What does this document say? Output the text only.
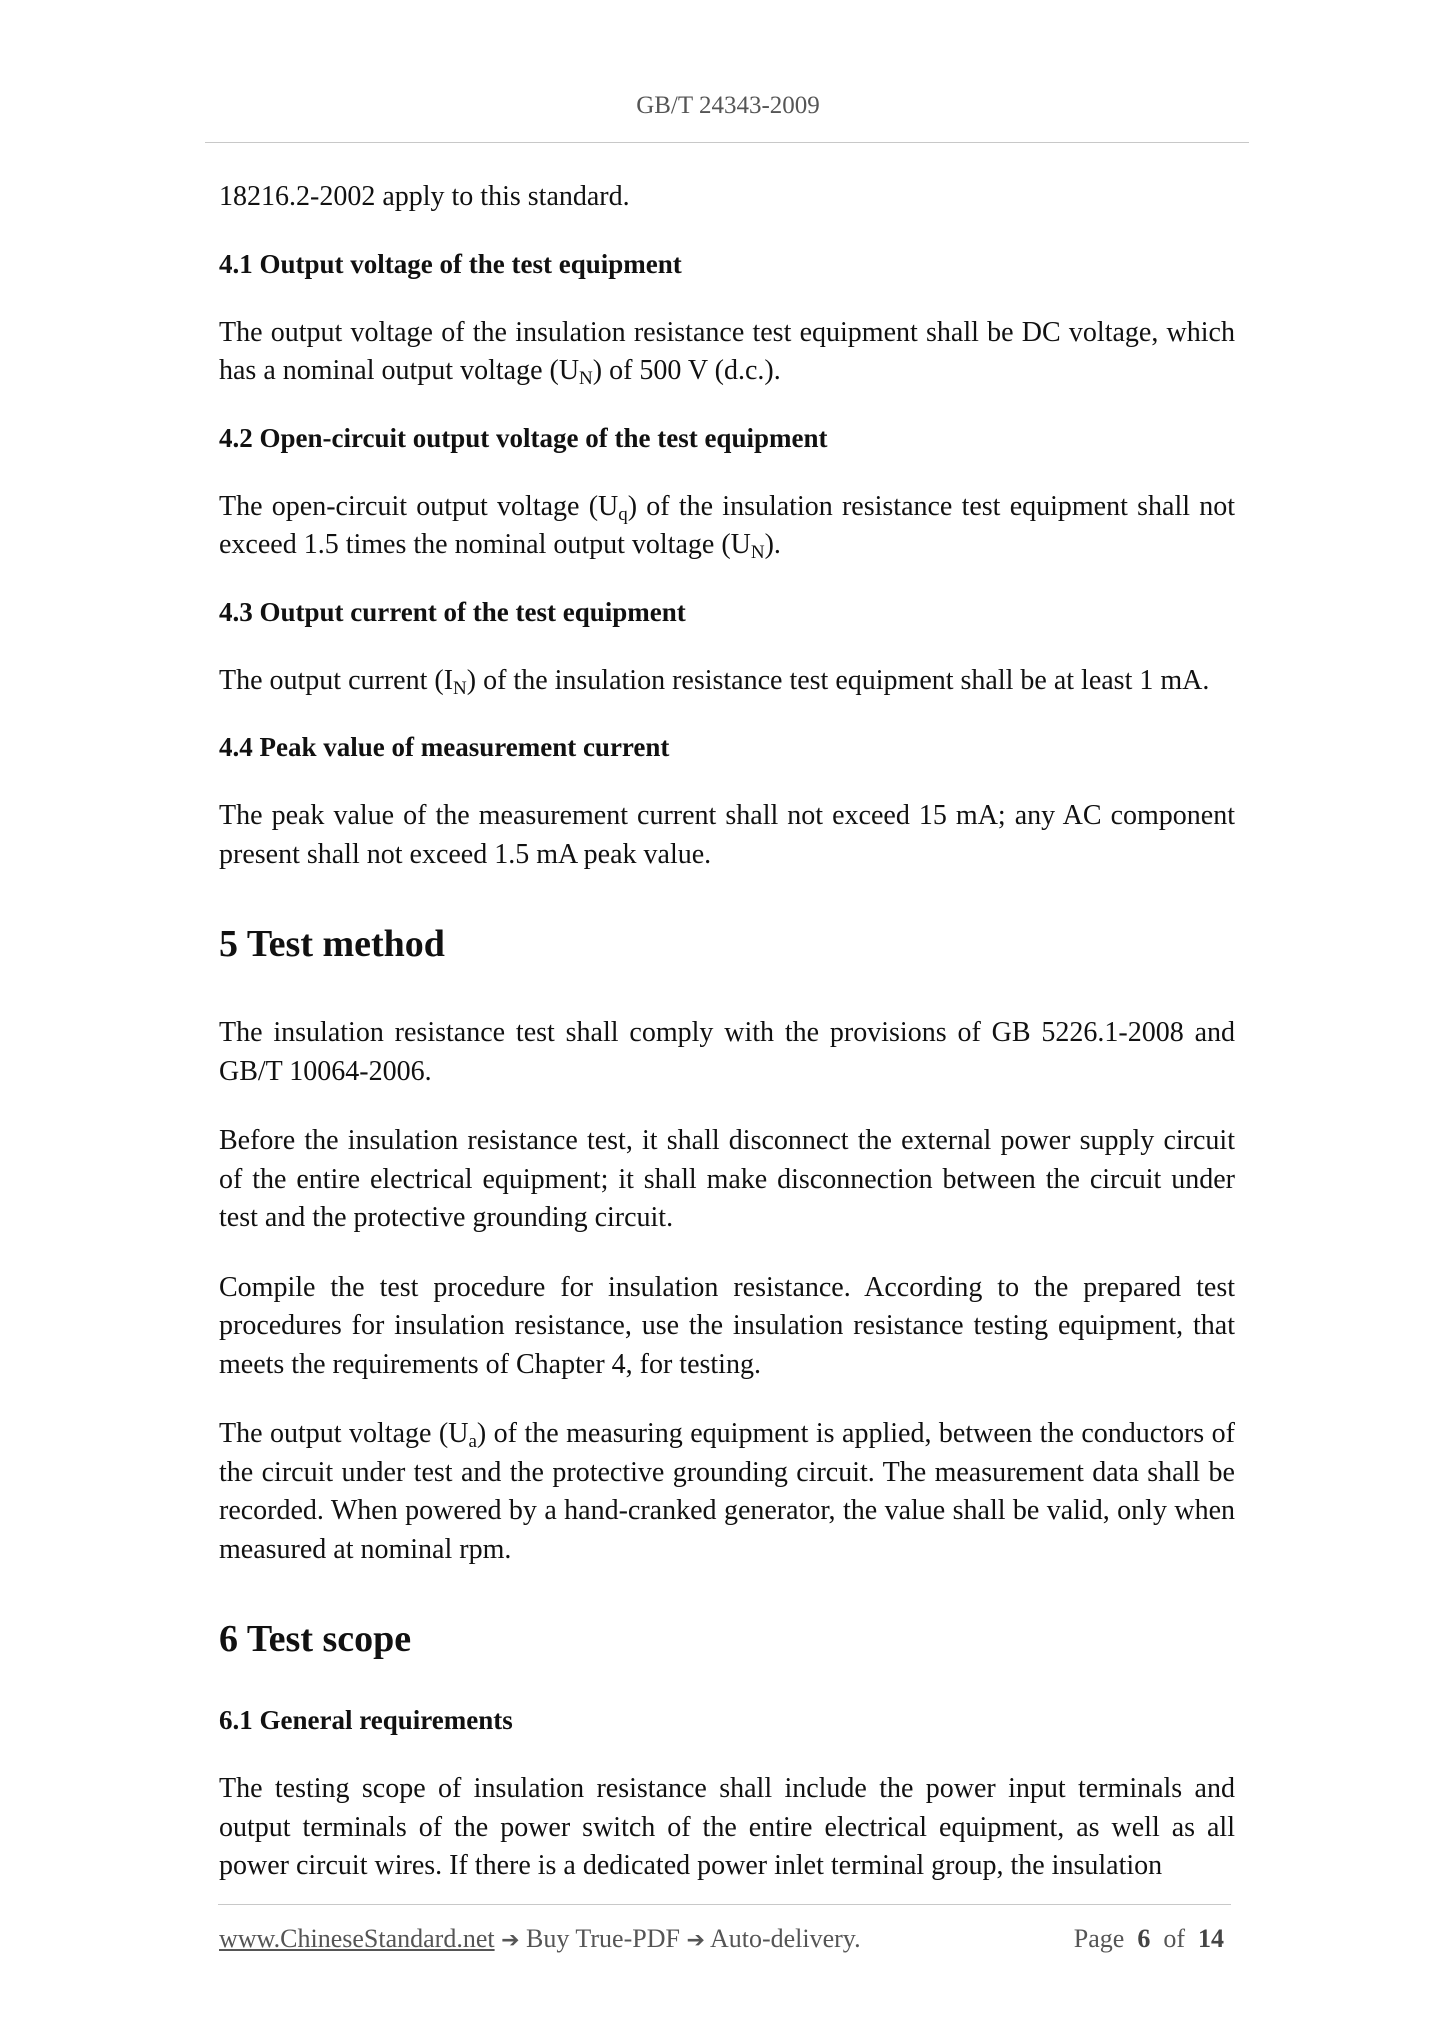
GB/T 24343-2009

18216.2-2002 apply to this standard.

4.1 Output voltage of the test equipment

The output voltage of the insulation resistance test equipment shall be DC voltage, which has a nominal output voltage $(U_N)$ of 500 V (d.c.).

4.2 Open-circuit output voltage of the test equipment

The open-circuit output voltage $(U_q)$ of the insulation resistance test equipment shall not exceed 1.5 times the nominal output voltage $(U_N)$.

4.3 Output current of the test equipment

The output current $(I_N)$ of the insulation resistance test equipment shall be at least 1 mA.

4.4 Peak value of measurement current

The peak value of the measurement current shall not exceed 15 mA; any AC component present shall not exceed 1.5 mA peak value.

5 Test method

The insulation resistance test shall comply with the provisions of GB 5226.1-2008 and GB/T 10064-2006.

Before the insulation resistance test, it shall disconnect the external power supply circuit of the entire electrical equipment; it shall make disconnection between the circuit under test and the protective grounding circuit.

Compile the test procedure for insulation resistance. According to the prepared test procedures for insulation resistance, use the insulation resistance testing equipment, that meets the requirements of Chapter 4, for testing.

The output voltage $(U_a)$ of the measuring equipment is applied, between the conductors of the circuit under test and the protective grounding circuit. The measurement data shall be recorded. When powered by a hand-cranked generator, the value shall be valid, only when measured at nominal rpm.

6 Test scope
6.1 General requirements

The testing scope of insulation resistance shall include the power input terminals and output terminals of the power switch of the entire electrical equipment, as well as all power circuit wires. If there is a dedicated power inlet terminal group, the insulation

www.ChineseStandard.net ➔ Buy True-PDF ➔ Auto-delivery.	Page 6 of 14
